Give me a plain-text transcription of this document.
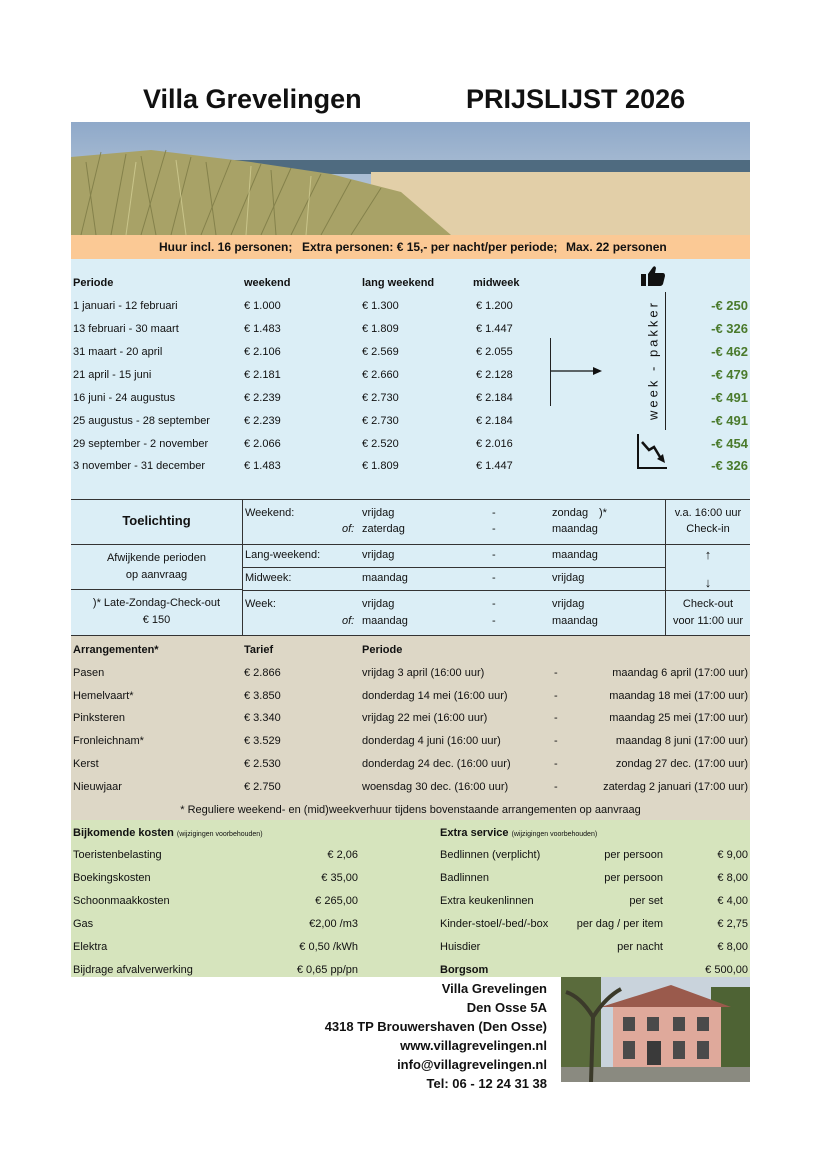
Villa Grevelingen	PRIJSLIJST 2026
Huur incl. 16 personen; Extra personen: € 15,- per nacht/per periode; Max. 22 personen
Periode	weekend	lang weekend	midweek
1 januari - 12 februari	€ 1.000	€ 1.300	€ 1.200	-€ 250
13 februari - 30 maart	€ 1.483	€ 1.809	€ 1.447	-€ 326
31 maart - 20 april	€ 2.106	€ 2.569	€ 2.055	-€ 462
21 april - 15 juni	€ 2.181	€ 2.660	€ 2.128	-€ 479
16 juni - 24 augustus	€ 2.239	€ 2.730	€ 2.184	-€ 491
25 augustus - 28 september	€ 2.239	€ 2.730	€ 2.184	-€ 491
29 september - 2 november	€ 2.066	€ 2.520	€ 2.016	-€ 454
3 november - 31 december	€ 1.483	€ 1.809	€ 1.447	-€ 326
week - pakker
Toelichting
Afwijkende perioden
op aanvraag
)* Late-Zondag-Check-out
€ 150
Weekend:	vrijdag	-	zondag )*
of: zaterdag	-	maandag
Lang-weekend:	vrijdag	-	maandag
Midweek:	maandag	-	vrijdag
Week:	vrijdag	-	vrijdag
of: maandag	-	maandag
v.a. 16:00 uur
Check-in
↑
↓
Check-out
voor 11:00 uur
Arrangementen*	Tarief	Periode
Pasen	€ 2.866	vrijdag 3 april (16:00 uur)	-	maandag 6 april (17:00 uur)
Hemelvaart*	€ 3.850	donderdag 14 mei (16:00 uur)	-	maandag 18 mei (17:00 uur)
Pinksteren	€ 3.340	vrijdag 22 mei (16:00 uur)	-	maandag 25 mei (17:00 uur)
Fronleichnam*	€ 3.529	donderdag 4 juni (16:00 uur)	-	maandag 8 juni (17:00 uur)
Kerst	€ 2.530	donderdag 24 dec. (16:00 uur)	-	zondag 27 dec. (17:00 uur)
Nieuwjaar	€ 2.750	woensdag 30 dec. (16:00 uur)	-	zaterdag 2 januari (17:00 uur)
* Reguliere weekend- en (mid)weekverhuur tijdens bovenstaande arrangementen op aanvraag
Bijkomende kosten (wijzigingen voorbehouden)	Extra service (wijzigingen voorbehouden)
Toeristenbelasting	€ 2,06	Bedlinnen (verplicht)	per persoon	€ 9,00
Boekingskosten	€ 35,00	Badlinnen	per persoon	€ 8,00
Schoonmaakkosten	€ 265,00	Extra keukenlinnen	per set	€ 4,00
Gas	€2,00 /m3	Kinder-stoel/-bed/-box	per dag / per item	€ 2,75
Elektra	€ 0,50 /kWh	Huisdier	per nacht	€ 8,00
Bijdrage afvalverwerking	€ 0,65 pp/pn	Borgsom	€ 500,00
Villa Grevelingen
Den Osse 5A
4318 TP Brouwershaven (Den Osse)
www.villagrevelingen.nl
info@villagrevelingen.nl
Tel: 06 - 12 24 31 38
